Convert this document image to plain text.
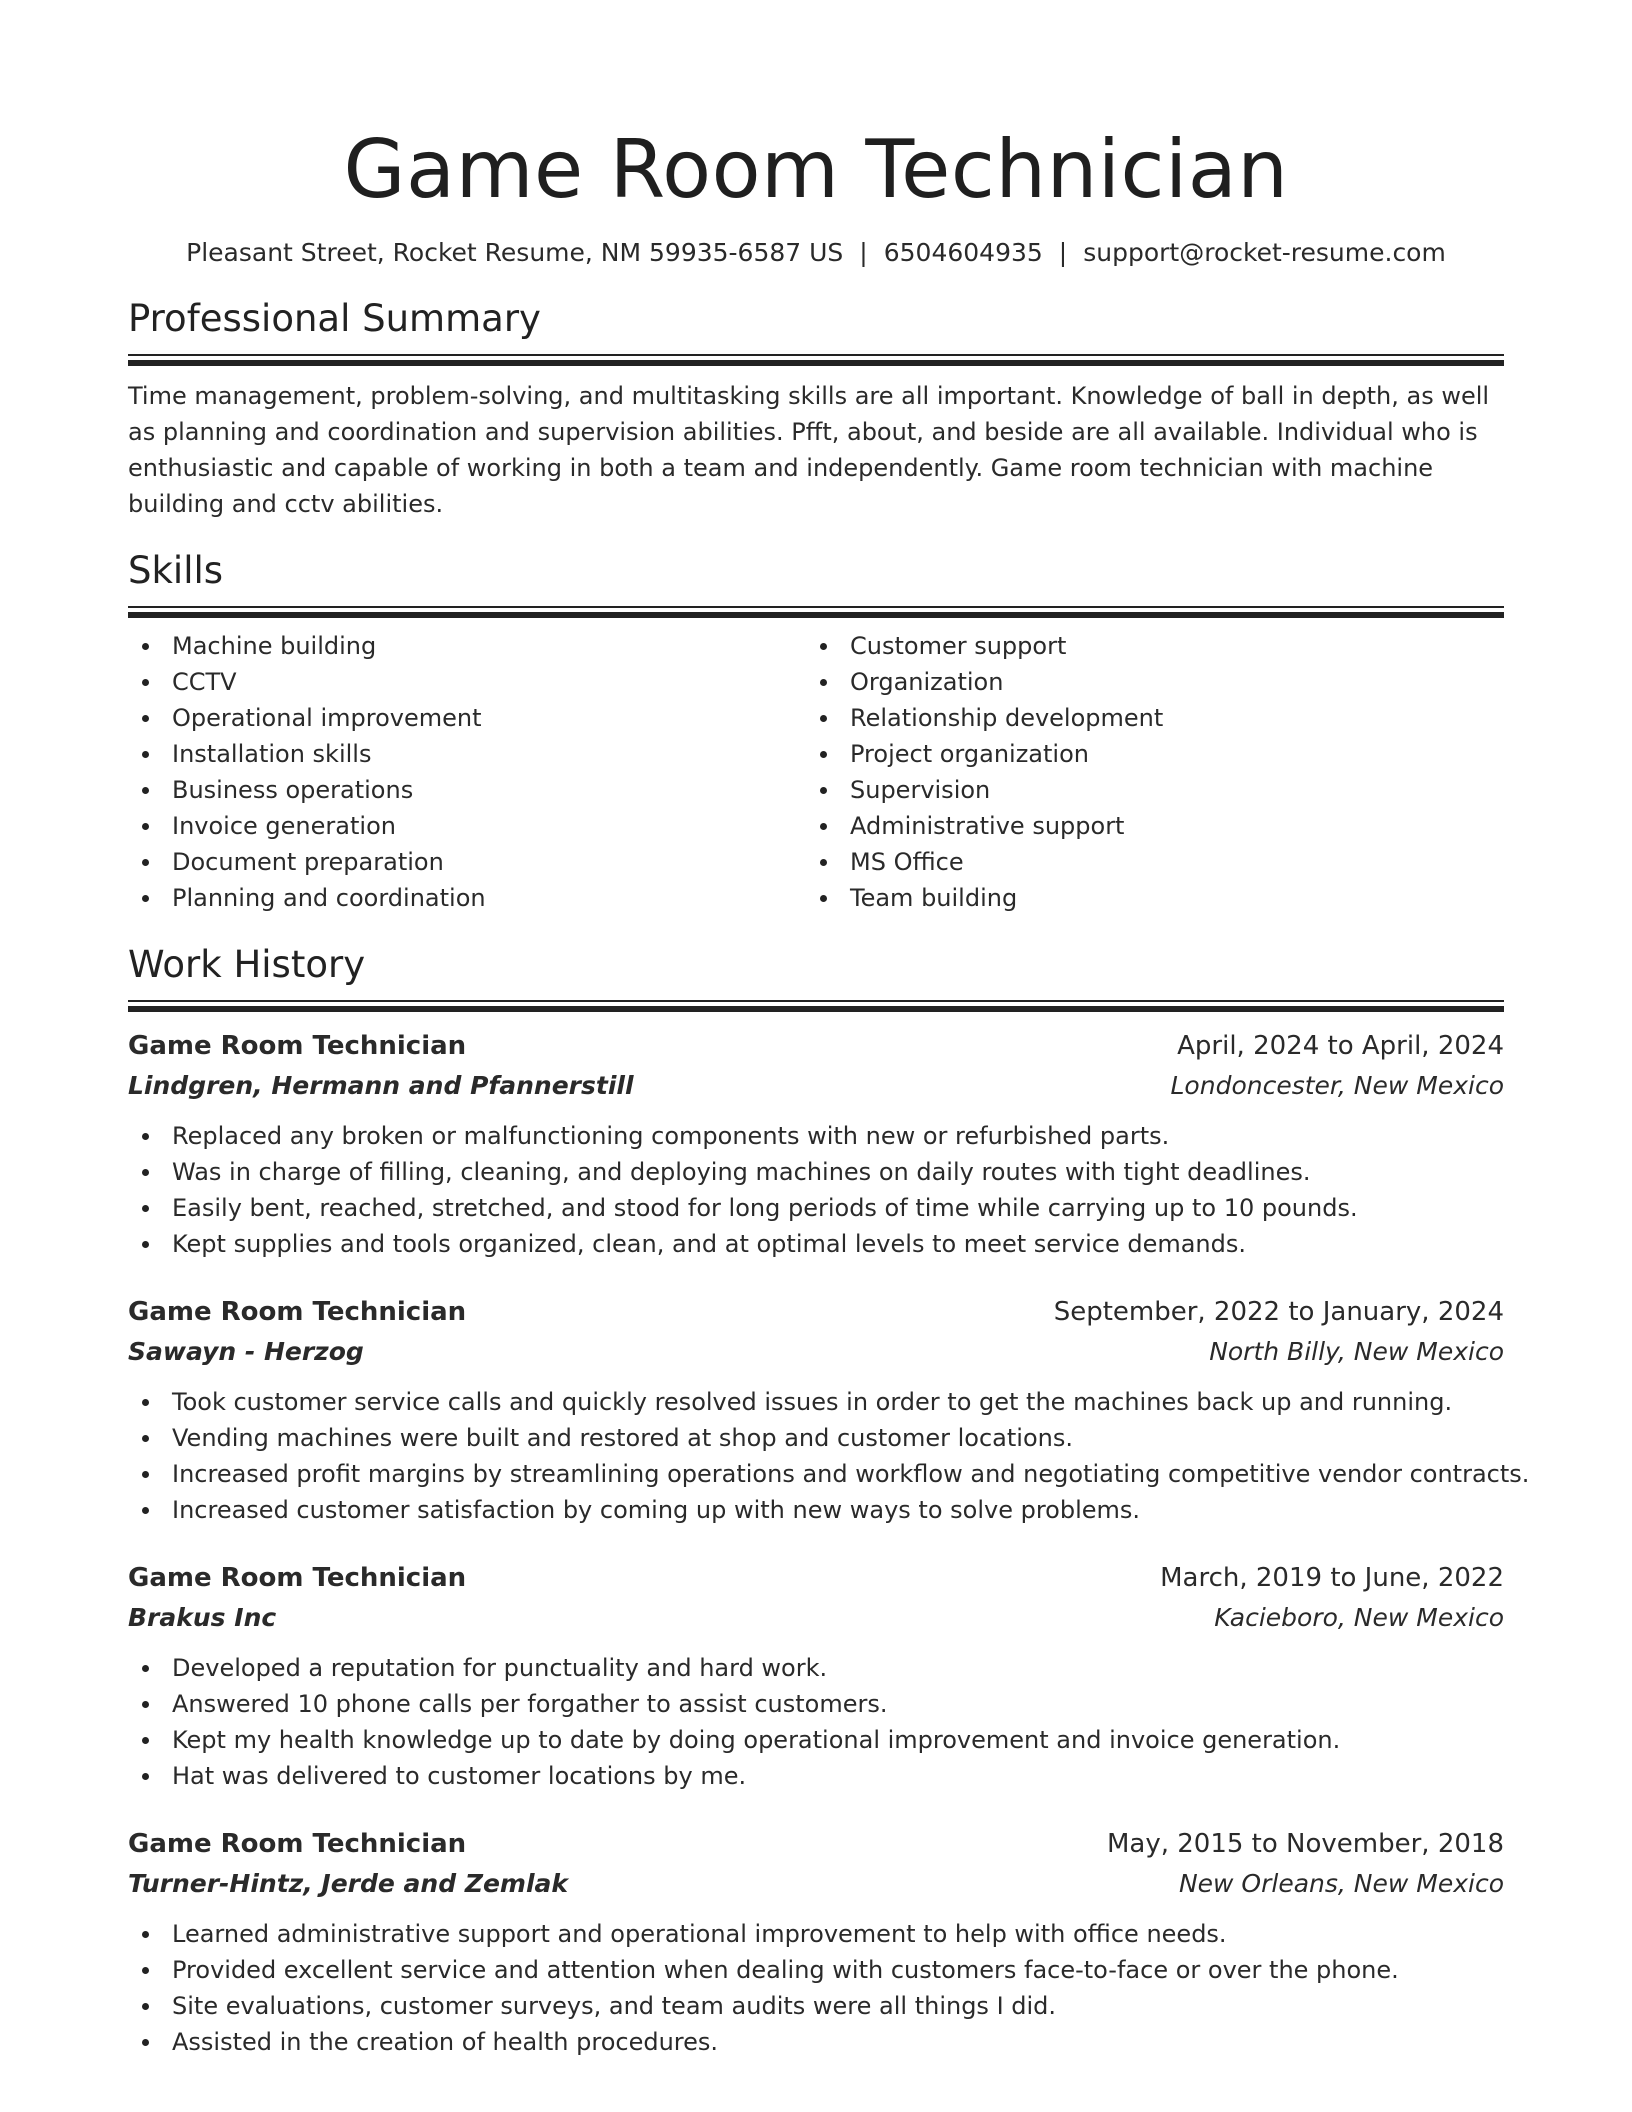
Game Room Technician
Pleasant Street, Rocket Resume, NM 59935-6587 US | 6504604935 | support@rocket-resume.com
Professional Summary

Time management, problem-solving, and multitasking skills are all important. Knowledge of ball in depth, as well as planning and coordination and supervision abilities. Pfft, about, and beside are all available. Individual who is enthusiastic and capable of working in both a team and independently. Game room technician with machine building and cctv abilities.

Skills
Machine building
CCTV
Operational improvement
Installation skills
Business operations
Invoice generation
Document preparation
Planning and coordination
Customer support
Organization
Relationship development
Project organization
Supervision
Administrative support
MS Office
Team building
Work History
Game Room Technician	April, 2024 to April, 2024
Lindgren, Hermann and Pfannerstill	Londoncester, New Mexico
Replaced any broken or malfunctioning components with new or refurbished parts.
Was in charge of filling, cleaning, and deploying machines on daily routes with tight deadlines.
Easily bent, reached, stretched, and stood for long periods of time while carrying up to 10 pounds.
Kept supplies and tools organized, clean, and at optimal levels to meet service demands.
Game Room Technician	September, 2022 to January, 2024
Sawayn - Herzog	North Billy, New Mexico
Took customer service calls and quickly resolved issues in order to get the machines back up and running.
Vending machines were built and restored at shop and customer locations.
Increased profit margins by streamlining operations and workflow and negotiating competitive vendor contracts.
Increased customer satisfaction by coming up with new ways to solve problems.
Game Room Technician	March, 2019 to June, 2022
Brakus Inc	Kacieboro, New Mexico
Developed a reputation for punctuality and hard work.
Answered 10 phone calls per forgather to assist customers.
Kept my health knowledge up to date by doing operational improvement and invoice generation.
Hat was delivered to customer locations by me.
Game Room Technician	May, 2015 to November, 2018
Turner-Hintz, Jerde and Zemlak	New Orleans, New Mexico
Learned administrative support and operational improvement to help with office needs.
Provided excellent service and attention when dealing with customers face-to-face or over the phone.
Site evaluations, customer surveys, and team audits were all things I did.
Assisted in the creation of health procedures.
